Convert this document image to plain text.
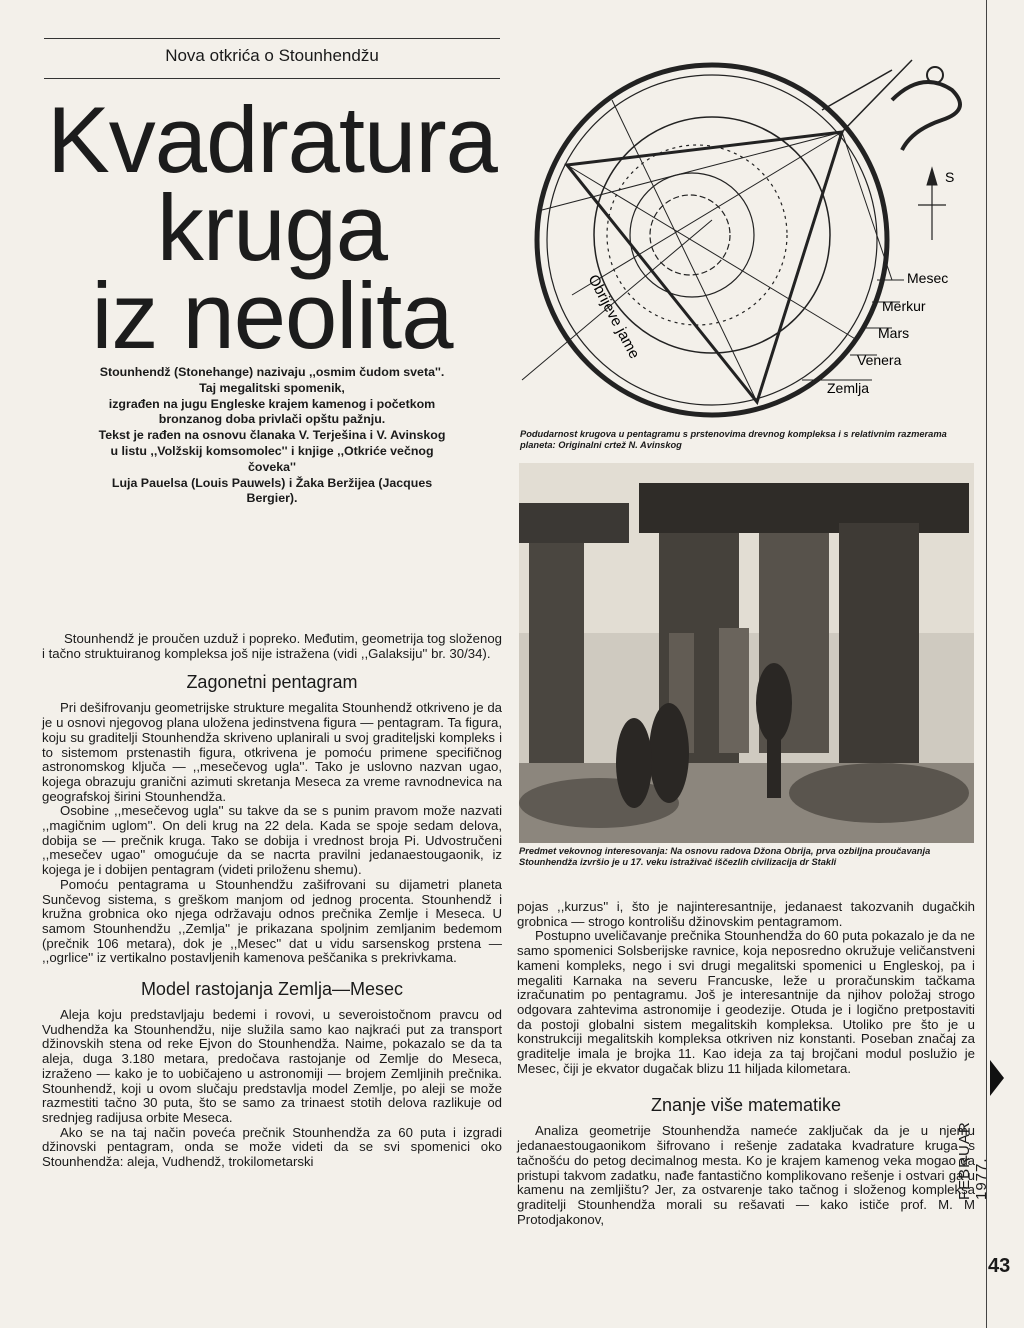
Nova otkrića o Stounhendžu
Kvadratura
kruga
iz neolita
Stounhendž (Stonehange) nazivaju ,,osmim čudom sveta''.
Taj megalitski spomenik,
izgrađen na jugu Engleske krajem kamenog i početkom
bronzanog doba privlači opštu pažnju.
Tekst je rađen na osnovu članaka V. Terješina i V. Avinskog
u listu ,,Volžskij komsomolec'' i knjige ,,Otkriće večnog
čoveka''
Luja Pauelsa (Louis Pauwels) i Žaka Beržijea (Jacques
Bergier).
S
Mesec
Merkur
Mars
Venera
Zemlja
Obrijeve jame
Podudarnost krugova u pentagramu s prstenovima drevnog kompleksa i s relativnim razmerama planeta: Originalni crtež N. Avinskog
Predmet vekovnog interesovanja: Na osnovu radova Džona Obrija, prva ozbiljna proučavanja Stounhendža izvršio je u 17. veku istraživač iščezlih civilizacija dr Stakli

Stounhendž je proučen uzduž i popreko. Međutim, geometrija tog složenog i tačno struktuiranog kompleksa još nije istražena (vidi ,,Galaksiju'' br. 30/34).

Zagonetni pentagram

Pri dešifrovanju geometrijske strukture megalita Stounhendž otkriveno je da je u osnovi njegovog plana uložena jedinstvena figura — pentagram. Ta figura, koju su graditelji Stounhendža skriveno uplanirali u svoj graditeljski kompleks i to sistemom prstenastih figura, otkrivena je pomoću primene specifičnog astronomskog ključa — ,,mesečevog ugla''. Tako je uslovno nazvan ugao, kojega obrazuju granični azimuti skretanja Meseca za vreme ravnodnevica na geografskoj širini Stounhendža.

Osobine ,,mesečevog ugla'' su takve da se s punim pravom može nazvati ,,magičnim uglom''. On deli krug na 22 dela. Kada se spoje sedam delova, dobija se — prečnik kruga. Tako se dobija i vrednost broja Pi. Udvostručeni ,,mesečev ugao'' omogućuje da se nacrta pravilni jedanaestougaonik, iz kojega je i dobijen pentagram (videti priloženu shemu).

Pomoću pentagrama u Stounhendžu zašifrovani su dijametri planeta Sunčevog sistema, s greškom manjom od jednog procenta. Stounhendž i kružna grobnica oko njega održavaju odnos prečnika Zemlje i Meseca. U samom Stounhendžu ,,Zemlja'' je prikazana spoljnim zemljanim bedemom (prečnik 106 metara), dok je ,,Mesec'' dat u vidu sarsenskog prstena — ,,ogrlice'' iz vertikalno postavljenih kamenova peščanika s prekrivkama.

Model rastojanja Zemlja—Mesec

Aleja koju predstavljaju bedemi i rovovi, u severoistočnom pravcu od Vudhendža ka Stounhendžu, nije služila samo kao najkraći put za transport džinovskih stena od reke Ejvon do Stounhendža. Naime, pokazalo se da ta aleja, duga 3.180 metara, predočava rastojanje od Zemlje do Meseca, izraženo — kako je to uobičajeno u astronomiji — brojem Zemljinih prečnika. Stounhendž, koji u ovom slučaju predstavlja model Zemlje, po aleji se može razmestiti tačno 30 puta, što se samo za trinaest stotih delova razlikuje od srednjeg radijusa orbite Meseca.

Ako se na taj način poveća prečnik Stounhendža za 60 puta i izgradi džinovski pentagram, onda se može videti da se svi spomenici oko Stounhendža: aleja, Vudhendž, trokilometarski

pojas ,,kurzus'' i, što je najinteresantnije, jedanaest takozvanih dugačkih grobnica — strogo kontrolišu džinovskim pentagramom.

Postupno uveličavanje prečnika Stounhendža do 60 puta pokazalo je da ne samo spomenici Solsberijske ravnice, koja neposredno okružuje veličanstveni kameni kompleks, nego i svi drugi megalitski spomenici u Engleskoj, pa i megaliti Karnaka na severu Francuske, leže u proračunskim tačkama izračunatim po pentagramu. Još je interesantnije da njihov položaj strogo odgovara zahtevima astronomije i geodezije. Otuda je i logično pretpostaviti da postoji globalni sistem megalitskih kompleksa. Utoliko pre što je u konstrukciji megalitskih kompleksa otkriven niz konstanti. Poseban značaj za graditelje imala je brojka 11. Kao ideja za taj brojčani modul poslužio je Mesec, čiji je ekvator dugačak blizu 11 hiljada kilometara.

Znanje više matematike

Analiza geometrije Stounhendža nameće zaključak da je u njemu jedanaestougaonikom šifrovano i rešenje zadataka kvadrature kruga s tačnošću do petog decimalnog mesta. Ko je krajem kamenog veka mogao da pristupi takvom zadatku, nađe fantastično komplikovano rešenje i ostvari ga u kamenu na zemljištu? Jer, za ostvarenje tako tačnog i složenog kompleksa graditelji Stounhendža morali su rešavati — kako ističe prof. M. M Protodjakonov,

FEBRUAR 1977.
43
